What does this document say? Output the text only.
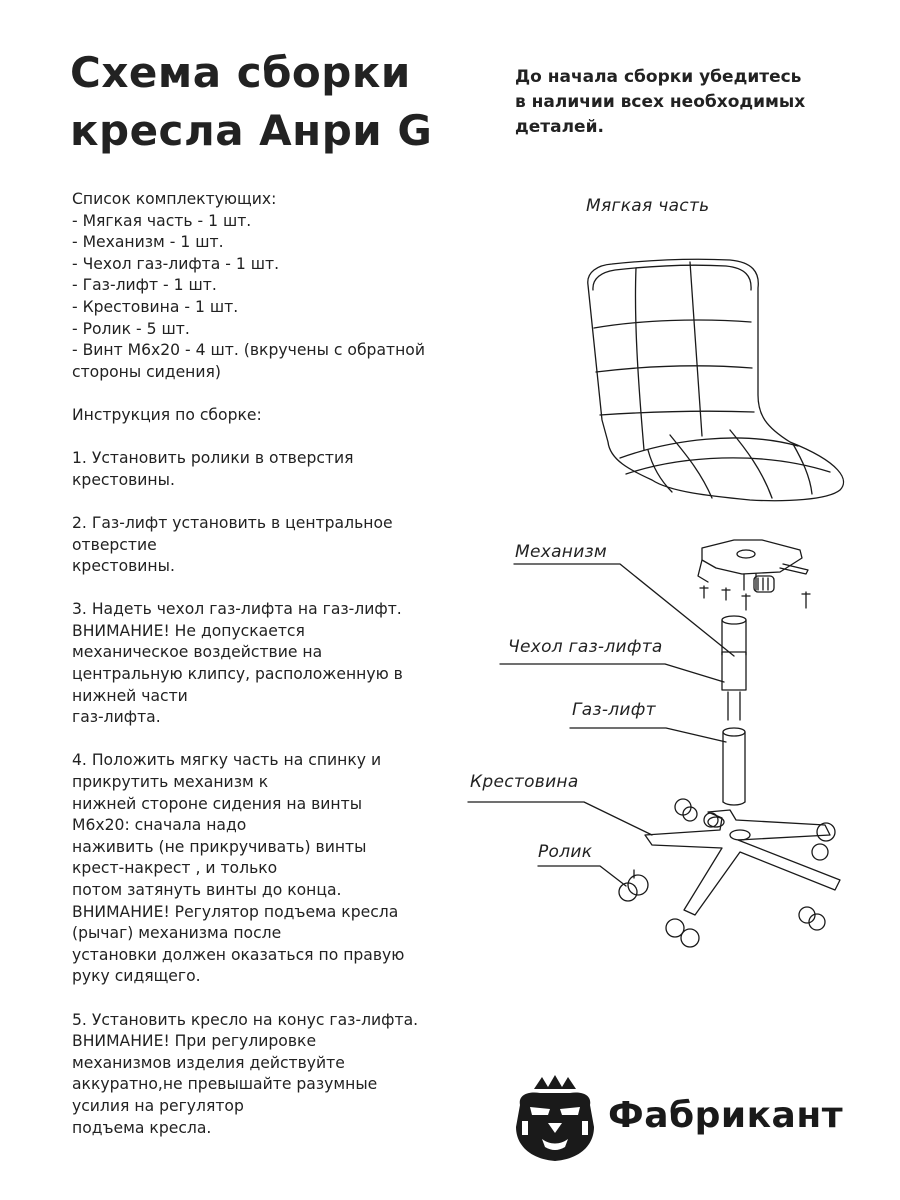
Схема сборки
кресла Анри G
До начала сборки убедитесь
в наличии всех необходимых
деталей.
Список комплектующих:
- Мягкая часть - 1 шт.
- Механизм - 1 шт.
- Чехол газ-лифта - 1 шт.
- Газ-лифт - 1 шт.
- Крестовина - 1 шт.
- Ролик - 5 шт.
- Винт М6х20 - 4 шт. (вкручены с обратной
стороны сидения)
Инструкция по сборке:
1. Установить ролики в отверстия
крестовины.
2. Газ-лифт установить в центральное
отверстие
крестовины.
3. Надеть чехол газ-лифта на газ-лифт.
ВНИМАНИЕ! Не допускается
механическое воздействие на
центральную клипсу, расположенную в
нижней части
газ-лифта.
4. Положить мягку часть на спинку и
прикрутить механизм к
нижней стороне сидения на винты
М6х20: сначала надо
наживить (не прикручивать) винты
крест-накрест , и только
потом затянуть винты до конца.
ВНИМАНИЕ! Регулятор подъема кресла
(рычаг) механизма после
установки должен оказаться по правую
руку сидящего.
5. Установить кресло на конус газ-лифта.
ВНИМАНИЕ! При регулировке
механизмов изделия действуйте
аккуратно,не превышайте разумные
усилия на регулятор
подъема кресла.
Мягкая часть
Механизм
Чехол газ-лифта
Газ-лифт
Крестовина
Ролик
Фабрикант
